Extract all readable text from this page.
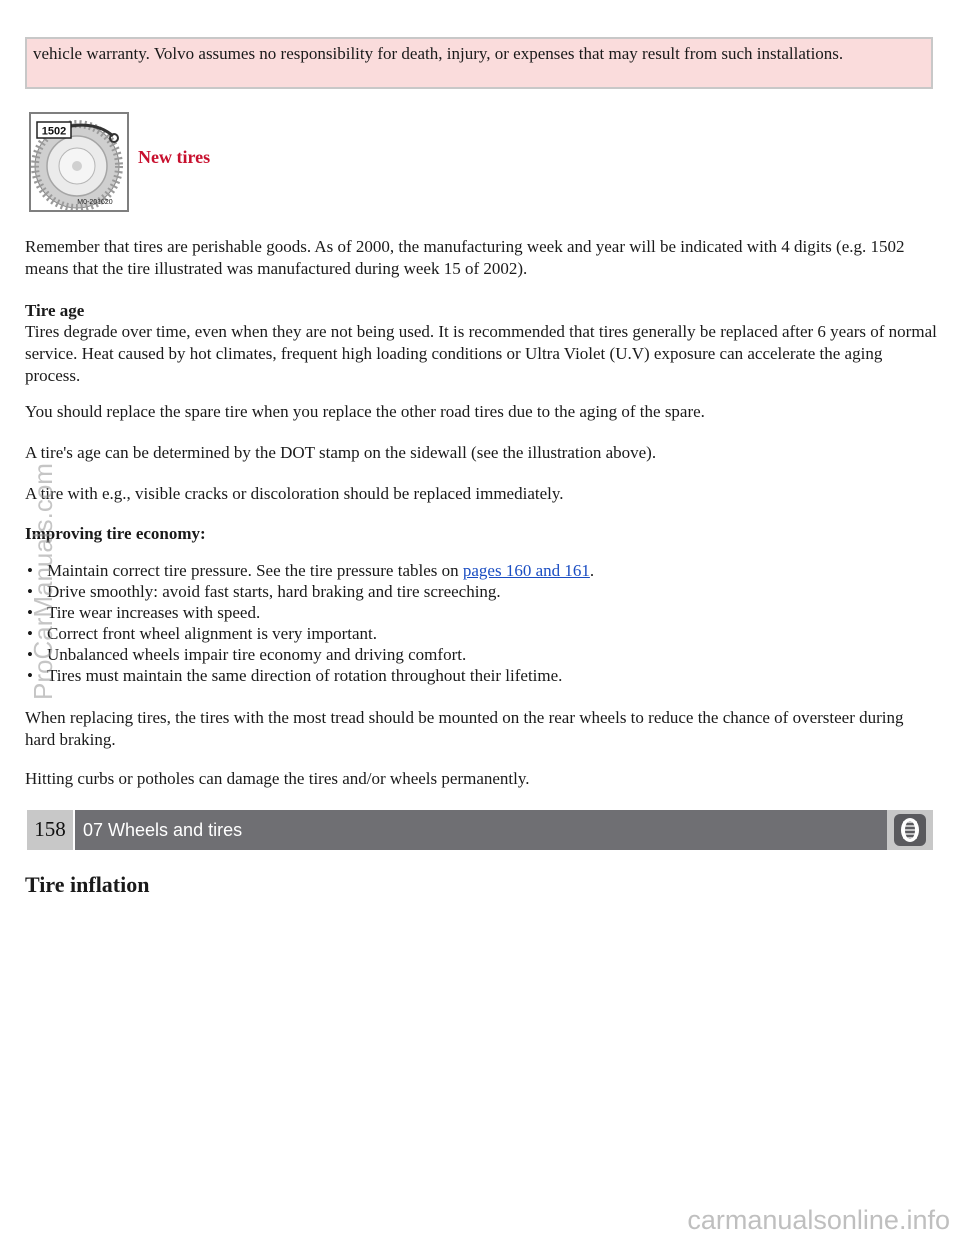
vehicle warranty. Volvo assumes no responsibility for death, injury, or expenses that may result from such installations.
1502
M0-201620
New tires

Remember that tires are perishable goods. As of 2000, the manufacturing week and year will be indicated with 4 digits (e.g. 1502 means that the tire illustrated was manufactured during week 15 of 2002).

Tire age

Tires degrade over time, even when they are not being used. It is recommended that tires generally be replaced after 6 years of normal service. Heat caused by hot climates, frequent high loading conditions or Ultra Violet (U.V) exposure can accelerate the aging process.

You should replace the spare tire when you replace the other road tires due to the aging of the spare.

A tire's age can be determined by the DOT stamp on the sidewall (see the illustration above).

A tire with e.g., visible cracks or discoloration should be replaced immediately.

Improving tire economy:
• Maintain correct tire pressure. See the tire pressure tables on pages 160 and 161.
• Drive smoothly: avoid fast starts, hard braking and tire screeching.
• Tire wear increases with speed.
• Correct front wheel alignment is very important.
• Unbalanced wheels impair tire economy and driving comfort.
• Tires must maintain the same direction of rotation throughout their lifetime.

When replacing tires, the tires with the most tread should be mounted on the rear wheels to reduce the chance of oversteer during hard braking.

Hitting curbs or potholes can damage the tires and/or wheels permanently.

158 07 Wheels and tires
Tire inflation
ProCarManuals.com
carmanualsonline.info
